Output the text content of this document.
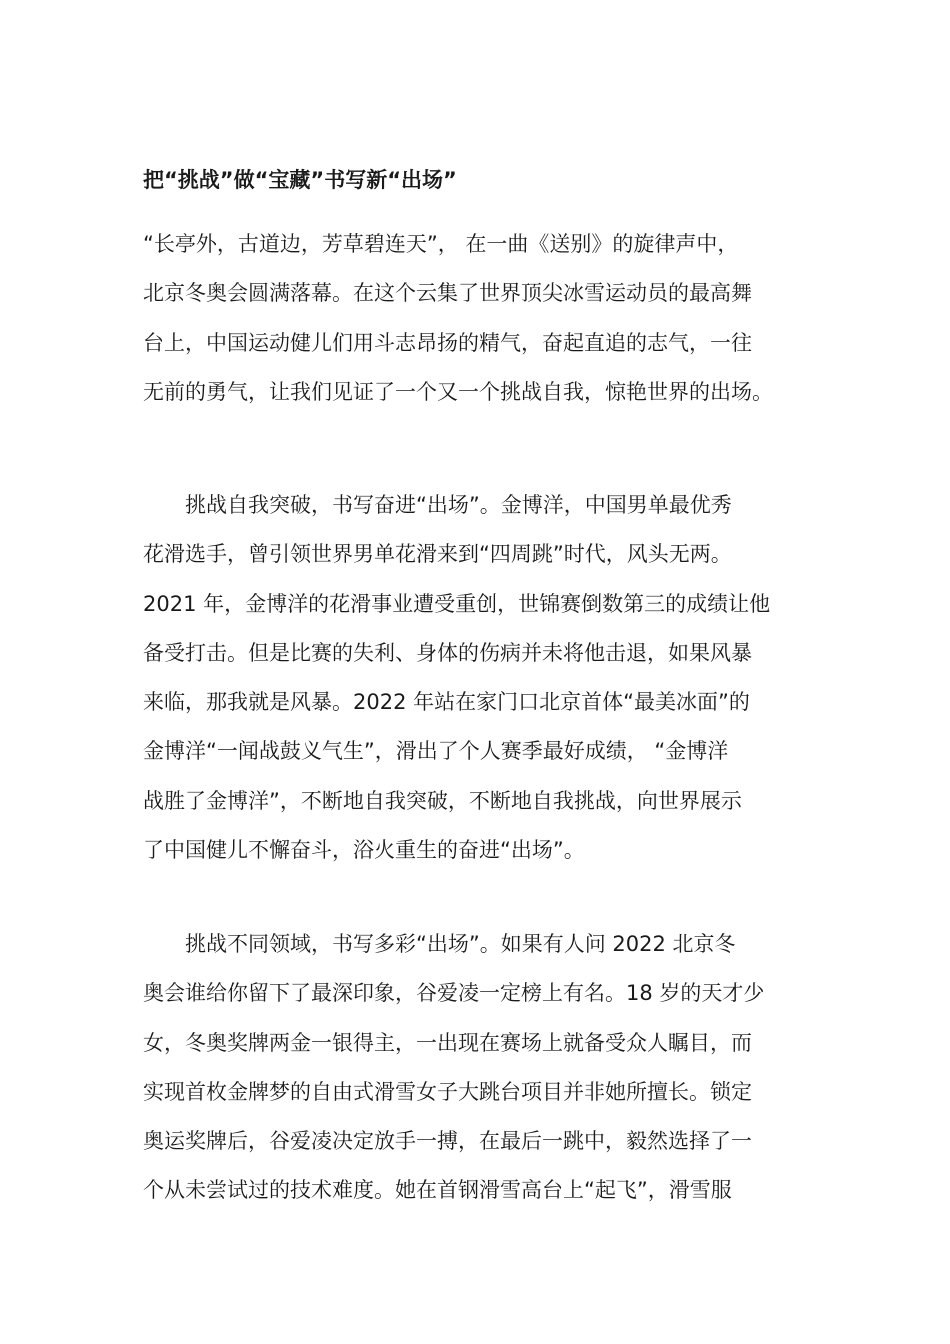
把“挑战”做“宝藏”书写新“出场”
“长亭外，古道边，芳草碧连天”， 在一曲《送别》的旋律声中，
北京冬奥会圆满落幕。在这个云集了世界顶尖冰雪运动员的最高舞
台上，中国运动健儿们用斗志昂扬的精气，奋起直追的志气，一往
无前的勇气，让我们见证了一个又一个挑战自我，惊艳世界的出场。
　　挑战自我突破，书写奋进“出场”。金博洋，中国男单最优秀
花滑选手，曾引领世界男单花滑来到“四周跳”时代，风头无两。
2021 年，金博洋的花滑事业遭受重创，世锦赛倒数第三的成绩让他
备受打击。但是比赛的失利、身体的伤病并未将他击退，如果风暴
来临，那我就是风暴。2022 年站在家门口北京首体“最美冰面”的
金博洋“一闻战鼓义气生”，滑出了个人赛季最好成绩， “金博洋
战胜了金博洋”，不断地自我突破，不断地自我挑战，向世界展示
了中国健儿不懈奋斗，浴火重生的奋进“出场”。
　　挑战不同领域，书写多彩“出场”。如果有人问 2022 北京冬
奥会谁给你留下了最深印象，谷爱凌一定榜上有名。18 岁的天才少
女，冬奥奖牌两金一银得主，一出现在赛场上就备受众人瞩目，而
实现首枚金牌梦的自由式滑雪女子大跳台项目并非她所擅长。锁定
奥运奖牌后，谷爱凌决定放手一搏，在最后一跳中，毅然选择了一
个从未尝试过的技术难度。她在首钢滑雪高台上“起飞”，滑雪服
